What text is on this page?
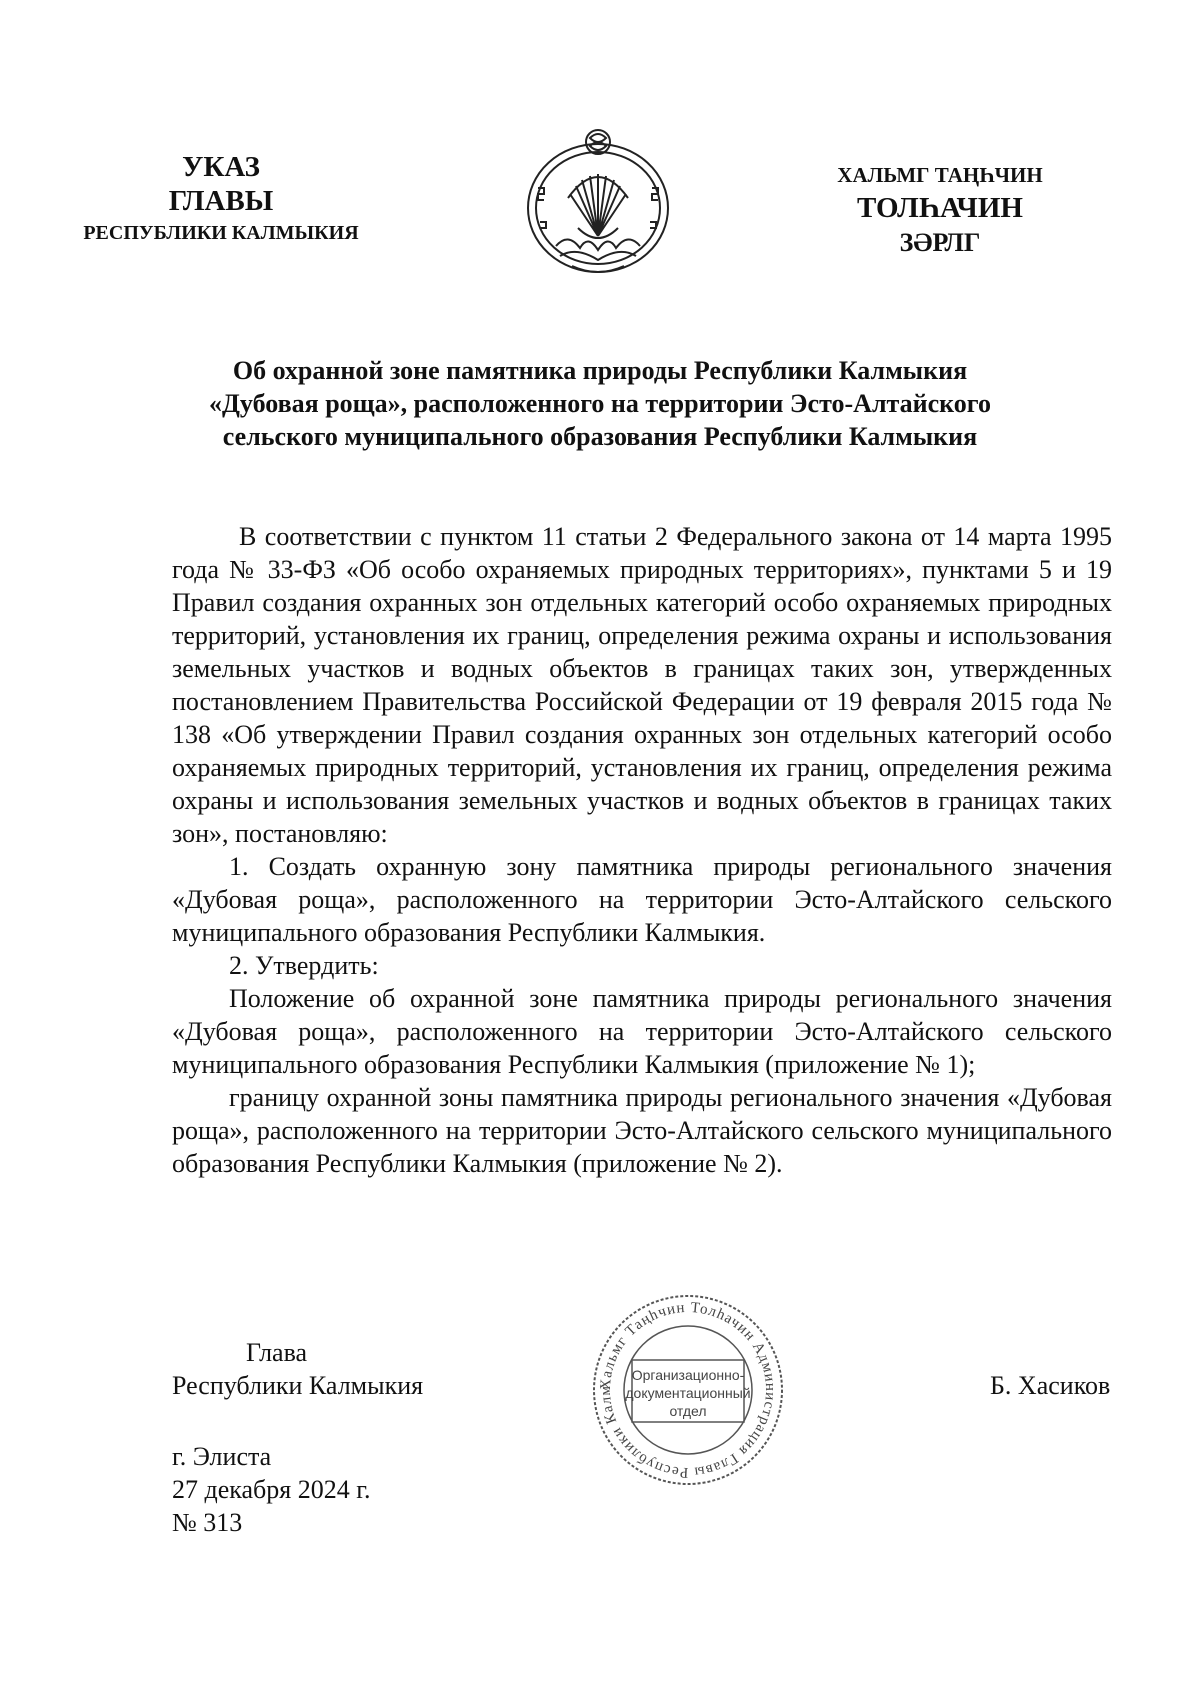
УКАЗ
ГЛАВЫ
РЕСПУБЛИКИ КАЛМЫКИЯ
ХАЛЬМГ ТАҢҺЧИН
ТОЛҺАЧИН
ЗӘРЛГ
Об охранной зоне памятника природы Республики Калмыкия
«Дубовая роща», расположенного на территории Эсто-Алтайского
сельского муниципального образования Республики Калмыкия

В соответствии с пунктом 11 статьи 2 Федерального закона от 14 марта 1995 года № 33-ФЗ «Об особо охраняемых природных территориях», пунктами 5 и 19 Правил создания охранных зон отдельных категорий особо охраняемых природных территорий, установления их границ, определения режима охраны и использования земельных участков и водных объектов в границах таких зон, утвержденных постановлением Правительства Российской Федерации от 19 февраля 2015 года № 138 «Об утверждении Правил создания охранных зон отдельных категорий особо охраняемых природных территорий, установления их границ, определения режима охраны и использования земельных участков и водных объектов в границах таких зон», постановляю:

1. Создать охранную зону памятника природы регионального значения «Дубовая роща», расположенного на территории Эсто-Алтайского сельского муниципального образования Республики Калмыкия.

2. Утвердить:

Положение об охранной зоне памятника природы регионального значения «Дубовая роща», расположенного на территории Эсто-Алтайского сельского муниципального образования Республики Калмыкия (приложение № 1);

границу охранной зоны памятника природы регионального значения «Дубовая роща», расположенного на территории Эсто-Алтайского сельского муниципального образования Республики Калмыкия (приложение № 2).

Глава
Республики Калмыкия	Хальмг Таңһчин Толһачин Администрация Главы Республики Калм
Организационно-
документационный
отдел
Б. Хасиков
г. Элиста
27 декабря 2024 г.
№ 313
